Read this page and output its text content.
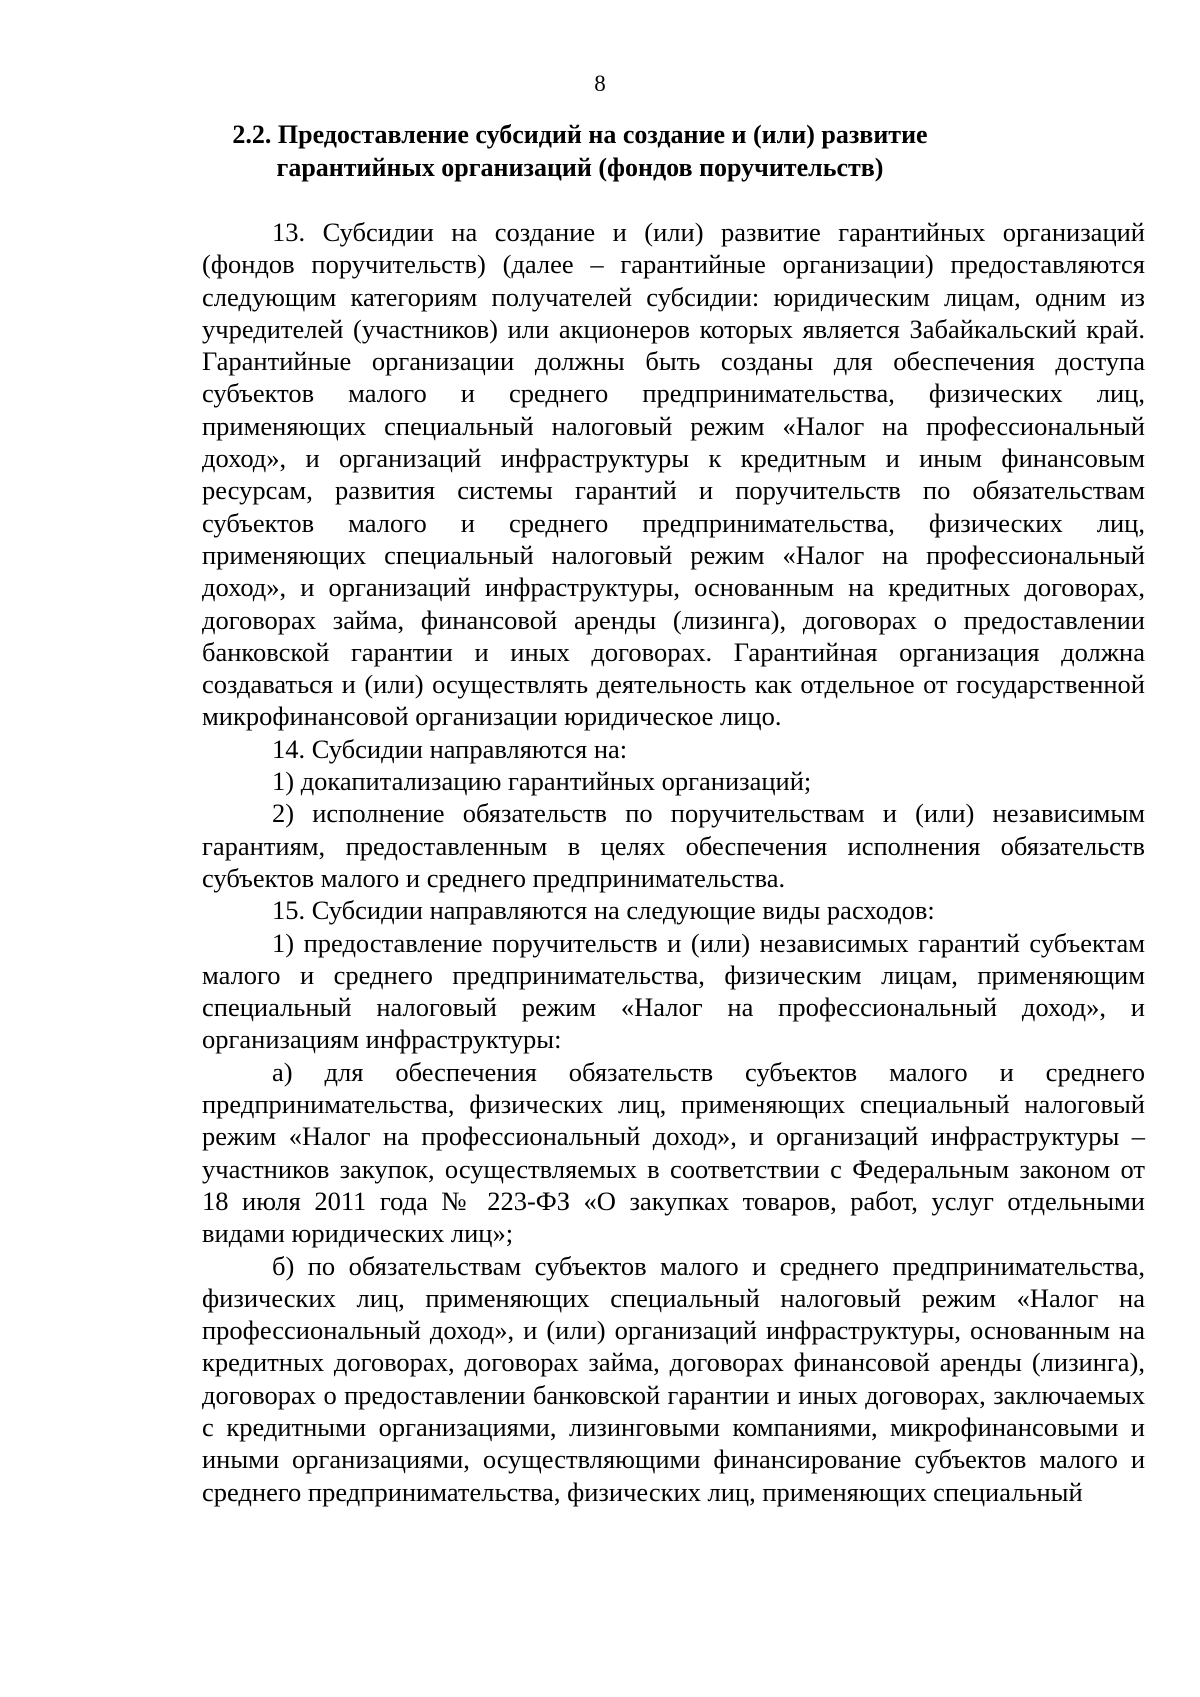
8
2.2. Предоставление субсидий на создание и (или) развитие гарантийных организаций (фондов поручительств)

13. Субсидии на создание и (или) развитие гарантийных организаций (фондов поручительств) (далее – гарантийные организации) предоставляются следующим категориям получателей субсидии: юридическим лицам, одним из учредителей (участников) или акционеров которых является Забайкальский край. Гарантийные организации должны быть созданы для обеспечения доступа субъектов малого и среднего предпринимательства, физических лиц, применяющих специальный налоговый режим «Налог на профессиональный доход», и организаций инфраструктуры к кредитным и иным финансовым ресурсам, развития системы гарантий и поручительств по обязательствам субъектов малого и среднего предпринимательства, физических лиц, применяющих специальный налоговый режим «Налог на профессиональный доход», и организаций инфраструктуры, основанным на кредитных договорах, договорах займа, финансовой аренды (лизинга), договорах о предоставлении банковской гарантии и иных договорах. Гарантийная организация должна создаваться и (или) осуществлять деятельность как отдельное от государственной микрофинансовой организации юридическое лицо.

14. Субсидии направляются на:

1) докапитализацию гарантийных организаций;

2) исполнение обязательств по поручительствам и (или) независимым гарантиям, предоставленным в целях обеспечения исполнения обязательств субъектов малого и среднего предпринимательства.

15. Субсидии направляются на следующие виды расходов:

1) предоставление поручительств и (или) независимых гарантий субъектам малого и среднего предпринимательства, физическим лицам, применяющим специальный налоговый режим «Налог на профессиональный доход», и организациям инфраструктуры:

а) для обеспечения обязательств субъектов малого и среднего предпринимательства, физических лиц, применяющих специальный налоговый режим «Налог на профессиональный доход», и организаций инфраструктуры – участников закупок, осуществляемых в соответствии с Федеральным законом от 18 июля 2011 года № 223-ФЗ «О закупках товаров, работ, услуг отдельными видами юридических лиц»;

б) по обязательствам субъектов малого и среднего предпринимательства, физических лиц, применяющих специальный налоговый режим «Налог на профессиональный доход», и (или) организаций инфраструктуры, основанным на кредитных договорах, договорах займа, договорах финансовой аренды (лизинга), договорах о предоставлении банковской гарантии и иных договорах, заключаемых с кредитными организациями, лизинговыми компаниями, микрофинансовыми и иными организациями, осуществляющими финансирование субъектов малого и среднего предпринимательства, физических лиц, применяющих специальный
